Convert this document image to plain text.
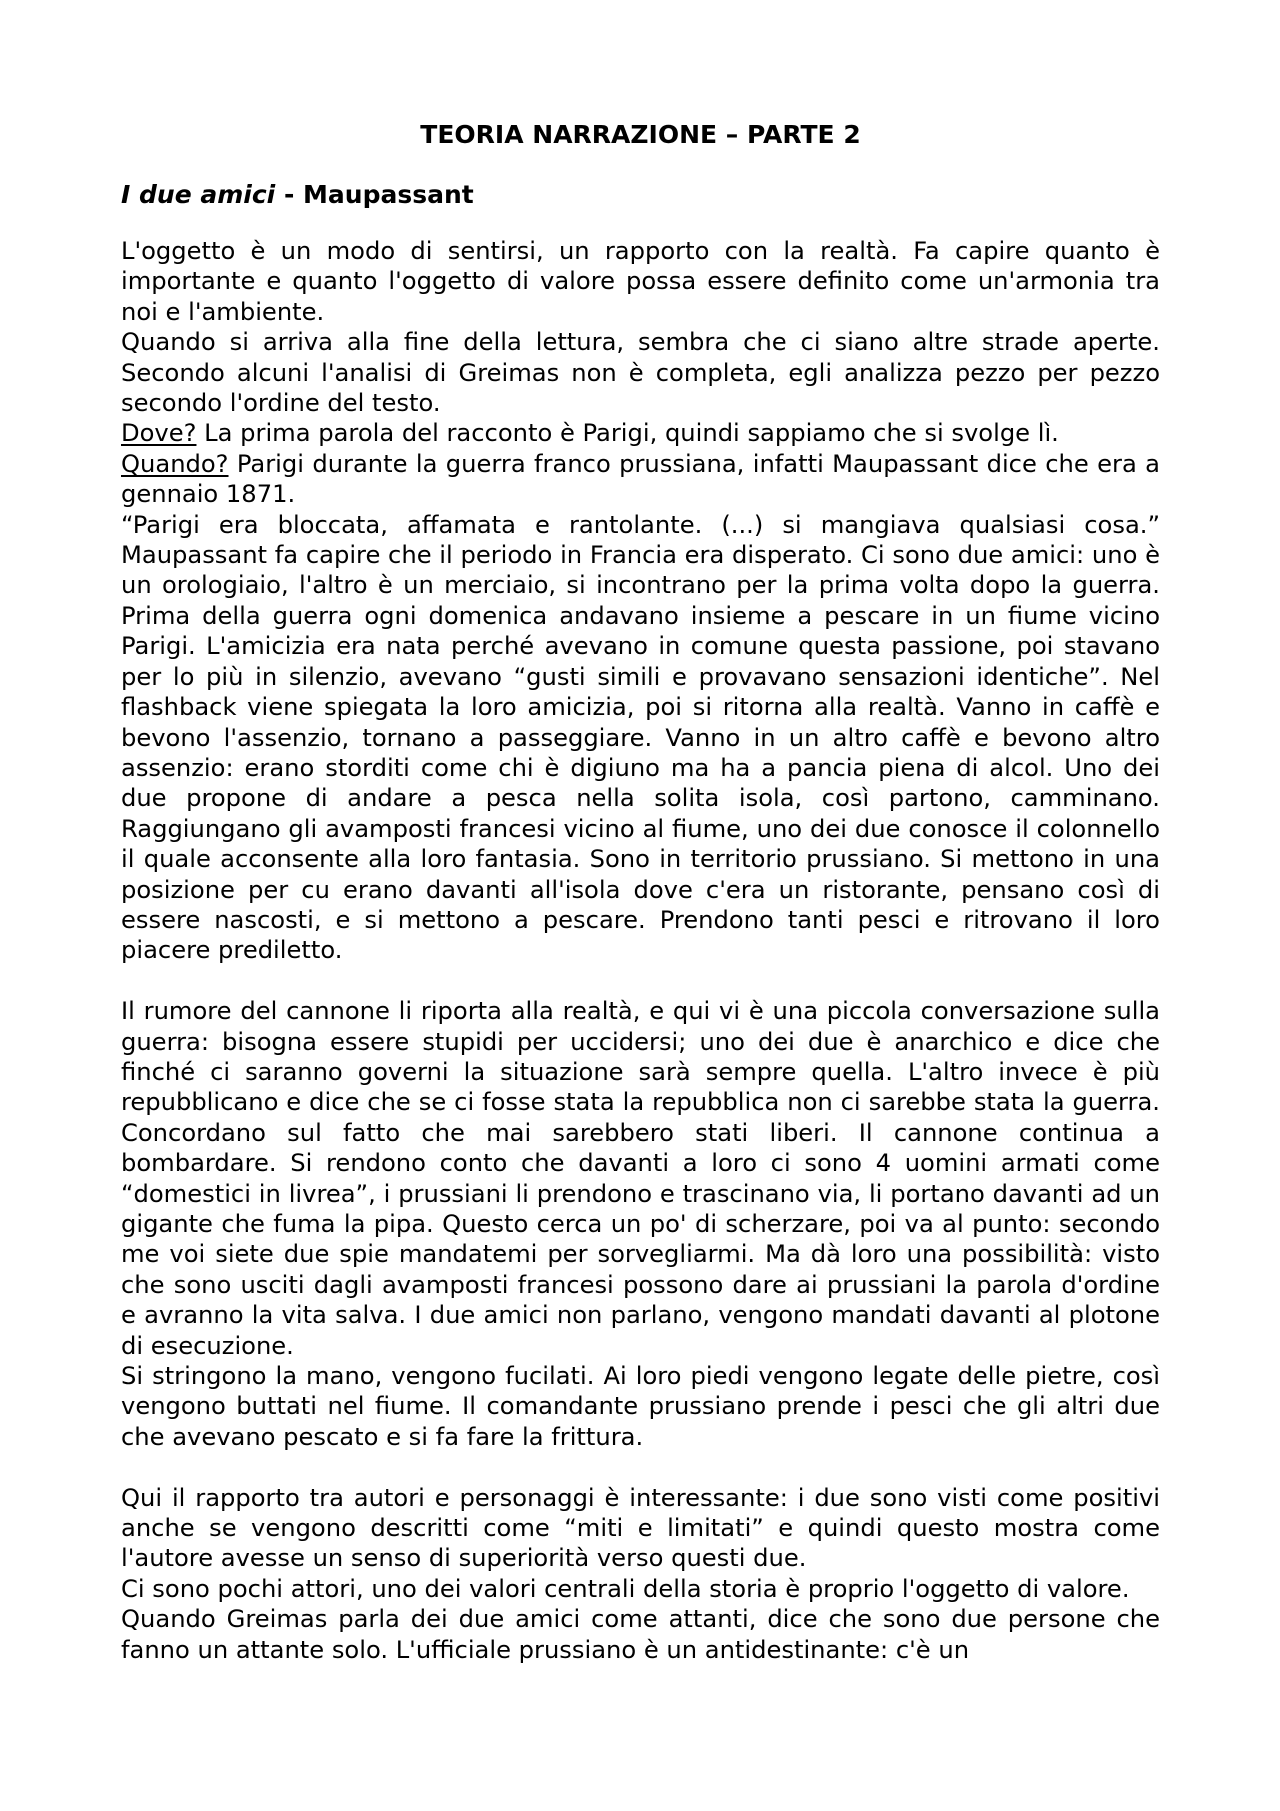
TEORIA NARRAZIONE – PARTE 2
I due amici - Maupassant

L'oggetto è un modo di sentirsi, un rapporto con la realtà. Fa capire quanto è importante e quanto l'oggetto di valore possa essere definito come un'armonia tra noi e l'ambiente.

Quando si arriva alla fine della lettura, sembra che ci siano altre strade aperte. Secondo alcuni l'analisi di Greimas non è completa, egli analizza pezzo per pezzo secondo l'ordine del testo.

Dove? La prima parola del racconto è Parigi, quindi sappiamo che si svolge lì.

Quando? Parigi durante la guerra franco prussiana, infatti Maupassant dice che era a gennaio 1871.

“Parigi era bloccata, affamata e rantolante. (...) si mangiava qualsiasi cosa.” Maupassant fa capire che il periodo in Francia era disperato. Ci sono due amici: uno è un orologiaio, l'altro è un merciaio, si incontrano per la prima volta dopo la guerra. Prima della guerra ogni domenica andavano insieme a pescare in un fiume vicino Parigi. L'amicizia era nata perché avevano in comune questa passione, poi stavano per lo più in silenzio, avevano “gusti simili e provavano sensazioni identiche”. Nel flashback viene spiegata la loro amicizia, poi si ritorna alla realtà. Vanno in caffè e bevono l'assenzio, tornano a passeggiare. Vanno in un altro caffè e bevono altro assenzio: erano storditi come chi è digiuno ma ha a pancia piena di alcol. Uno dei due propone di andare a pesca nella solita isola, così partono, camminano. Raggiungano gli avamposti francesi vicino al fiume, uno dei due conosce il colonnello il quale acconsente alla loro fantasia. Sono in territorio prussiano. Si mettono in una posizione per cu erano davanti all'isola dove c'era un ristorante, pensano così di essere nascosti, e si mettono a pescare. Prendono tanti pesci e ritrovano il loro piacere prediletto.

Il rumore del cannone li riporta alla realtà, e qui vi è una piccola conversazione sulla guerra: bisogna essere stupidi per uccidersi; uno dei due è anarchico e dice che finché ci saranno governi la situazione sarà sempre quella. L'altro invece è più repubblicano e dice che se ci fosse stata la repubblica non ci sarebbe stata la guerra. Concordano sul fatto che mai sarebbero stati liberi. Il cannone continua a bombardare. Si rendono conto che davanti a loro ci sono 4 uomini armati come “domestici in livrea”, i prussiani li prendono e trascinano via, li portano davanti ad un gigante che fuma la pipa. Questo cerca un po' di scherzare, poi va al punto: secondo me voi siete due spie mandatemi per sorvegliarmi. Ma dà loro una possibilità: visto che sono usciti dagli avamposti francesi possono dare ai prussiani la parola d'ordine e avranno la vita salva. I due amici non parlano, vengono mandati davanti al plotone di esecuzione.

Si stringono la mano, vengono fucilati. Ai loro piedi vengono legate delle pietre, così vengono buttati nel fiume. Il comandante prussiano prende i pesci che gli altri due che avevano pescato e si fa fare la frittura.

Qui il rapporto tra autori e personaggi è interessante: i due sono visti come positivi anche se vengono descritti come “miti e limitati” e quindi questo mostra come l'autore avesse un senso di superiorità verso questi due.

Ci sono pochi attori, uno dei valori centrali della storia è proprio l'oggetto di valore.

Quando Greimas parla dei due amici come attanti, dice che sono due persone che fanno un attante solo. L'ufficiale prussiano è un antidestinante: c'è un
